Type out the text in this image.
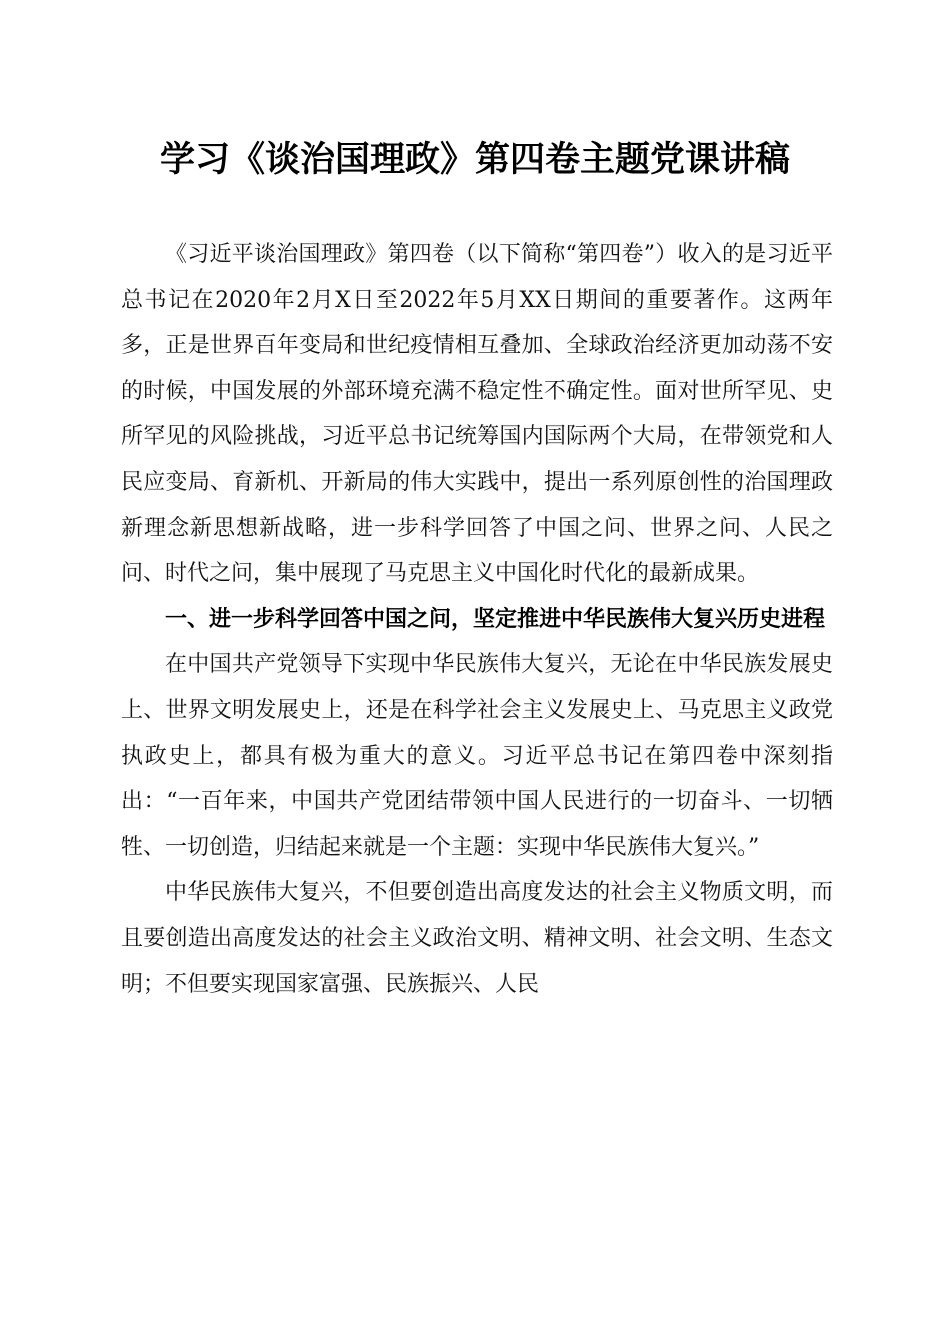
学习《谈治国理政》第四卷主题党课讲稿

《习近平谈治国理政》第四卷（以下简称“第四卷”）收入的是习近平总书记在2020年2月X日至2022年5月XX日期间的重要著作。这两年多，正是世界百年变局和世纪疫情相互叠加、全球政治经济更加动荡不安的时候，中国发展的外部环境充满不稳定性不确定性。面对世所罕见、史所罕见的风险挑战，习近平总书记统筹国内国际两个大局，在带领党和人民应变局、育新机、开新局的伟大实践中，提出一系列原创性的治国理政新理念新思想新战略，进一步科学回答了中国之问、世界之问、人民之问、时代之问，集中展现了马克思主义中国化时代化的最新成果。

一、进一步科学回答中国之问，坚定推进中华民族伟大复兴历史进程

在中国共产党领导下实现中华民族伟大复兴，无论在中华民族发展史上、世界文明发展史上，还是在科学社会主义发展史上、马克思主义政党执政史上，都具有极为重大的意义。习近平总书记在第四卷中深刻指出：“一百年来，中国共产党团结带领中国人民进行的一切奋斗、一切牺牲、一切创造，归结起来就是一个主题：实现中华民族伟大复兴。”

中华民族伟大复兴，不但要创造出高度发达的社会主义物质文明，而且要创造出高度发达的社会主义政治文明、精神文明、社会文明、生态文明；不但要实现国家富强、民族振兴、人民
